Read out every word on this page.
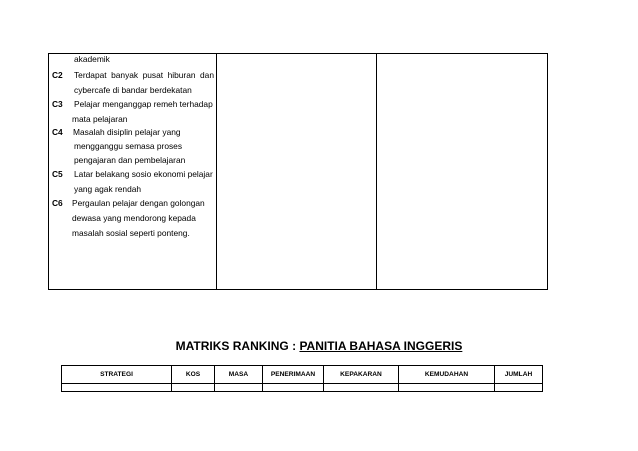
akademik
C2 Terdapat banyak pusat hiburan dan
cybercafe di bandar berdekatan
C3 Pelajar menganggap remeh terhadap
mata pelajaran
C4 Masalah disiplin pelajar yang
mengganggu semasa proses
pengajaran dan pembelajaran
C5 Latar belakang sosio ekonomi pelajar
yang agak rendah
C6 Pergaulan pelajar dengan golongan
dewasa yang mendorong kepada
masalah sosial seperti ponteng.
MATRIKS RANKING : PANITIA BAHASA INGGERIS
STRATEGI	KOS	MASA	PENERIMAAN	KEPAKARAN	KEMUDAHAN	JUMLAH
